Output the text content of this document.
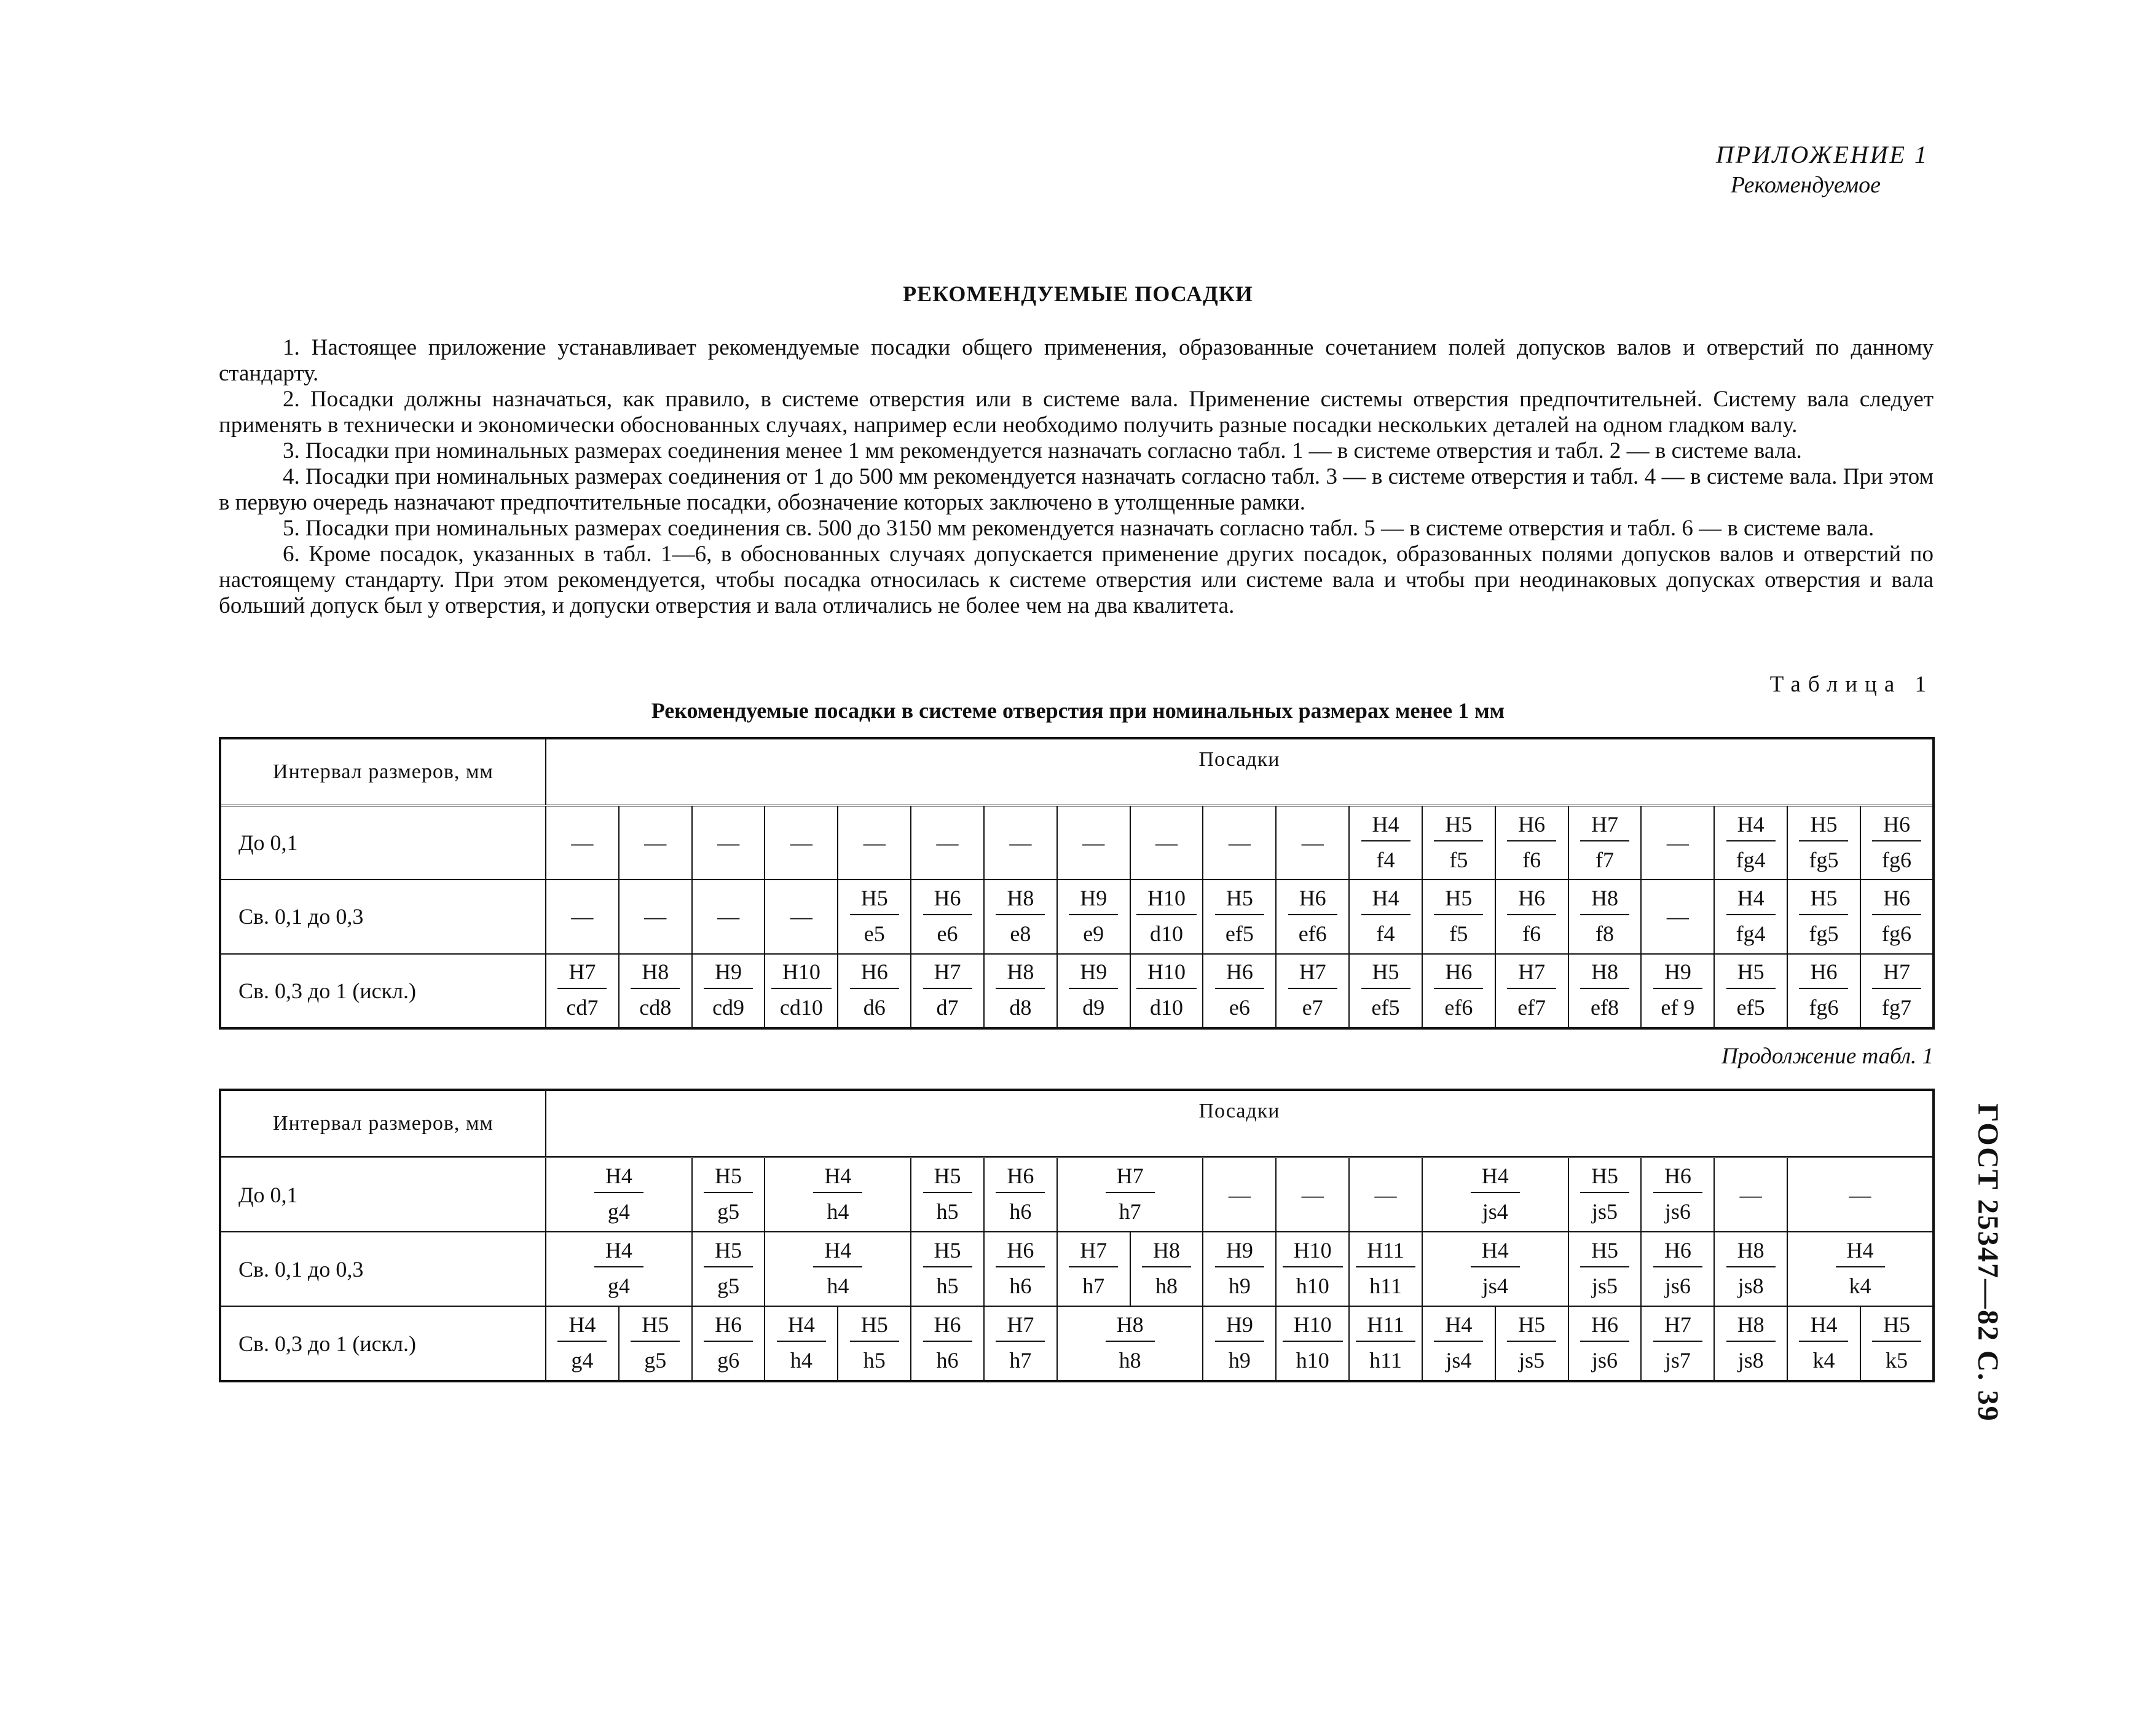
ПРИЛОЖЕНИЕ 1
Рекомендуемое
РЕКОМЕНДУЕМЫЕ ПОСАДКИ

1. Настоящее приложение устанавливает рекомендуемые посадки общего применения, образованные сочетанием полей допусков валов и отверстий по данному стандарту.

2. Посадки должны назначаться, как правило, в системе отверстия или в системе вала. Применение системы отверстия предпочтительней. Систему вала следует применять в технически и экономически обоснованных случаях, например если необходимо получить разные посадки нескольких деталей на одном гладком валу.

3. Посадки при номинальных размерах соединения менее 1 мм рекомендуется назначать согласно табл. 1 — в системе отверстия и табл. 2 — в системе вала.

4. Посадки при номинальных размерах соединения от 1 до 500 мм рекомендуется назначать согласно табл. 3 — в системе отверстия и табл. 4 — в системе вала. При этом в первую очередь назначают предпочтительные посадки, обозначение которых заключено в утолщенные рамки.

5. Посадки при номинальных размерах соединения св. 500 до 3150 мм рекомендуется назначать согласно табл. 5 — в системе отверстия и табл. 6 — в системе вала.

6. Кроме посадок, указанных в табл. 1—6, в обоснованных случаях допускается применение других посадок, образованных полями допусков валов и отверстий по настоящему стандарту. При этом рекомендуется, чтобы посадка относилась к системе отверстия или системе вала и чтобы при неодинаковых допусках отверстия и вала больший допуск был у отверстия, и допуски отверстия и вала отличались не более чем на два квалитета.

Таблица 1
Рекомендуемые посадки в системе отверстия при номинальных размерах менее 1 мм
Интервал размеров, мм	Посадки																		
До 0,1	—	—	—	—	—	—	—	—	—	—	—	$\frac{H4}{f4}$	$\frac{H5}{f5}$	$\frac{H6}{f6}$	$\frac{H7}{f7}$	—	$\frac{H4}{fg4}$	$\frac{H5}{fg5}$	$\frac{H6}{fg6}$

Св. 0,1 до 0,3	—	—	—	—	$\frac{H5}{e5}$	$\frac{H6}{e6}$	$\frac{H8}{e8}$	$\frac{H9}{e9}$	$\frac{H10}{d10}$	$\frac{H5}{ef5}$	$\frac{H6}{ef6}$	$\frac{H4}{f4}$	$\frac{H5}{f5}$	$\frac{H6}{f6}$	$\frac{H8}{f8}$	—	$\frac{H4}{fg4}$	$\frac{H5}{fg5}$	$\frac{H6}{fg6}$

Св. 0,3 до 1 (искл.)	$\frac{H7}{cd7}$	$\frac{H8}{cd8}$	$\frac{H9}{cd9}$	$\frac{H10}{cd10}$	$\frac{H6}{d6}$	$\frac{H7}{d7}$	$\frac{H8}{d8}$	$\frac{H9}{d9}$	$\frac{H10}{d10}$	$\frac{H6}{e6}$	$\frac{H7}{e7}$	$\frac{H5}{ef5}$	$\frac{H6}{ef6}$	$\frac{H7}{ef7}$	$\frac{H8}{ef8}$	$\frac{H9}{ef 9}$	$\frac{H5}{ef5}$	$\frac{H6}{fg6}$	$\frac{H7}{fg7}$
Продолжение табл. 1
Интервал размеров, мм	Посадки																		
До 0,1	$\frac{H4}{g4}$		$\frac{H5}{g5}$	$\frac{H4}{h4}$		$\frac{H5}{h5}$	$\frac{H6}{h6}$	$\frac{H7}{h7}$		—	—	—	$\frac{H4}{js4}$		$\frac{H5}{js5}$	$\frac{H6}{js6}$	—	—	
Св. 0,1 до 0,3	$\frac{H4}{g4}$		$\frac{H5}{g5}$	$\frac{H4}{h4}$		$\frac{H5}{h5}$	$\frac{H6}{h6}$	$\frac{H7}{h7}$	$\frac{H8}{h8}$	$\frac{H9}{h9}$	$\frac{H10}{h10}$	$\frac{H11}{h11}$	$\frac{H4}{js4}$		$\frac{H5}{js5}$	$\frac{H6}{js6}$	$\frac{H8}{js8}$	$\frac{H4}{k4}$

Св. 0,3 до 1 (искл.)	$\frac{H4}{g4}$	$\frac{H5}{g5}$	$\frac{H6}{g6}$	$\frac{H4}{h4}$	$\frac{H5}{h5}$	$\frac{H6}{h6}$	$\frac{H7}{h7}$	$\frac{H8}{h8}$		$\frac{H9}{h9}$	$\frac{H10}{h10}$	$\frac{H11}{h11}$	$\frac{H4}{js4}$	$\frac{H5}{js5}$	$\frac{H6}{js6}$	$\frac{H7}{js7}$	$\frac{H8}{js8}$	$\frac{H4}{k4}$	$\frac{H5}{k5}$ ГОСТ 25347—82 С. 39
